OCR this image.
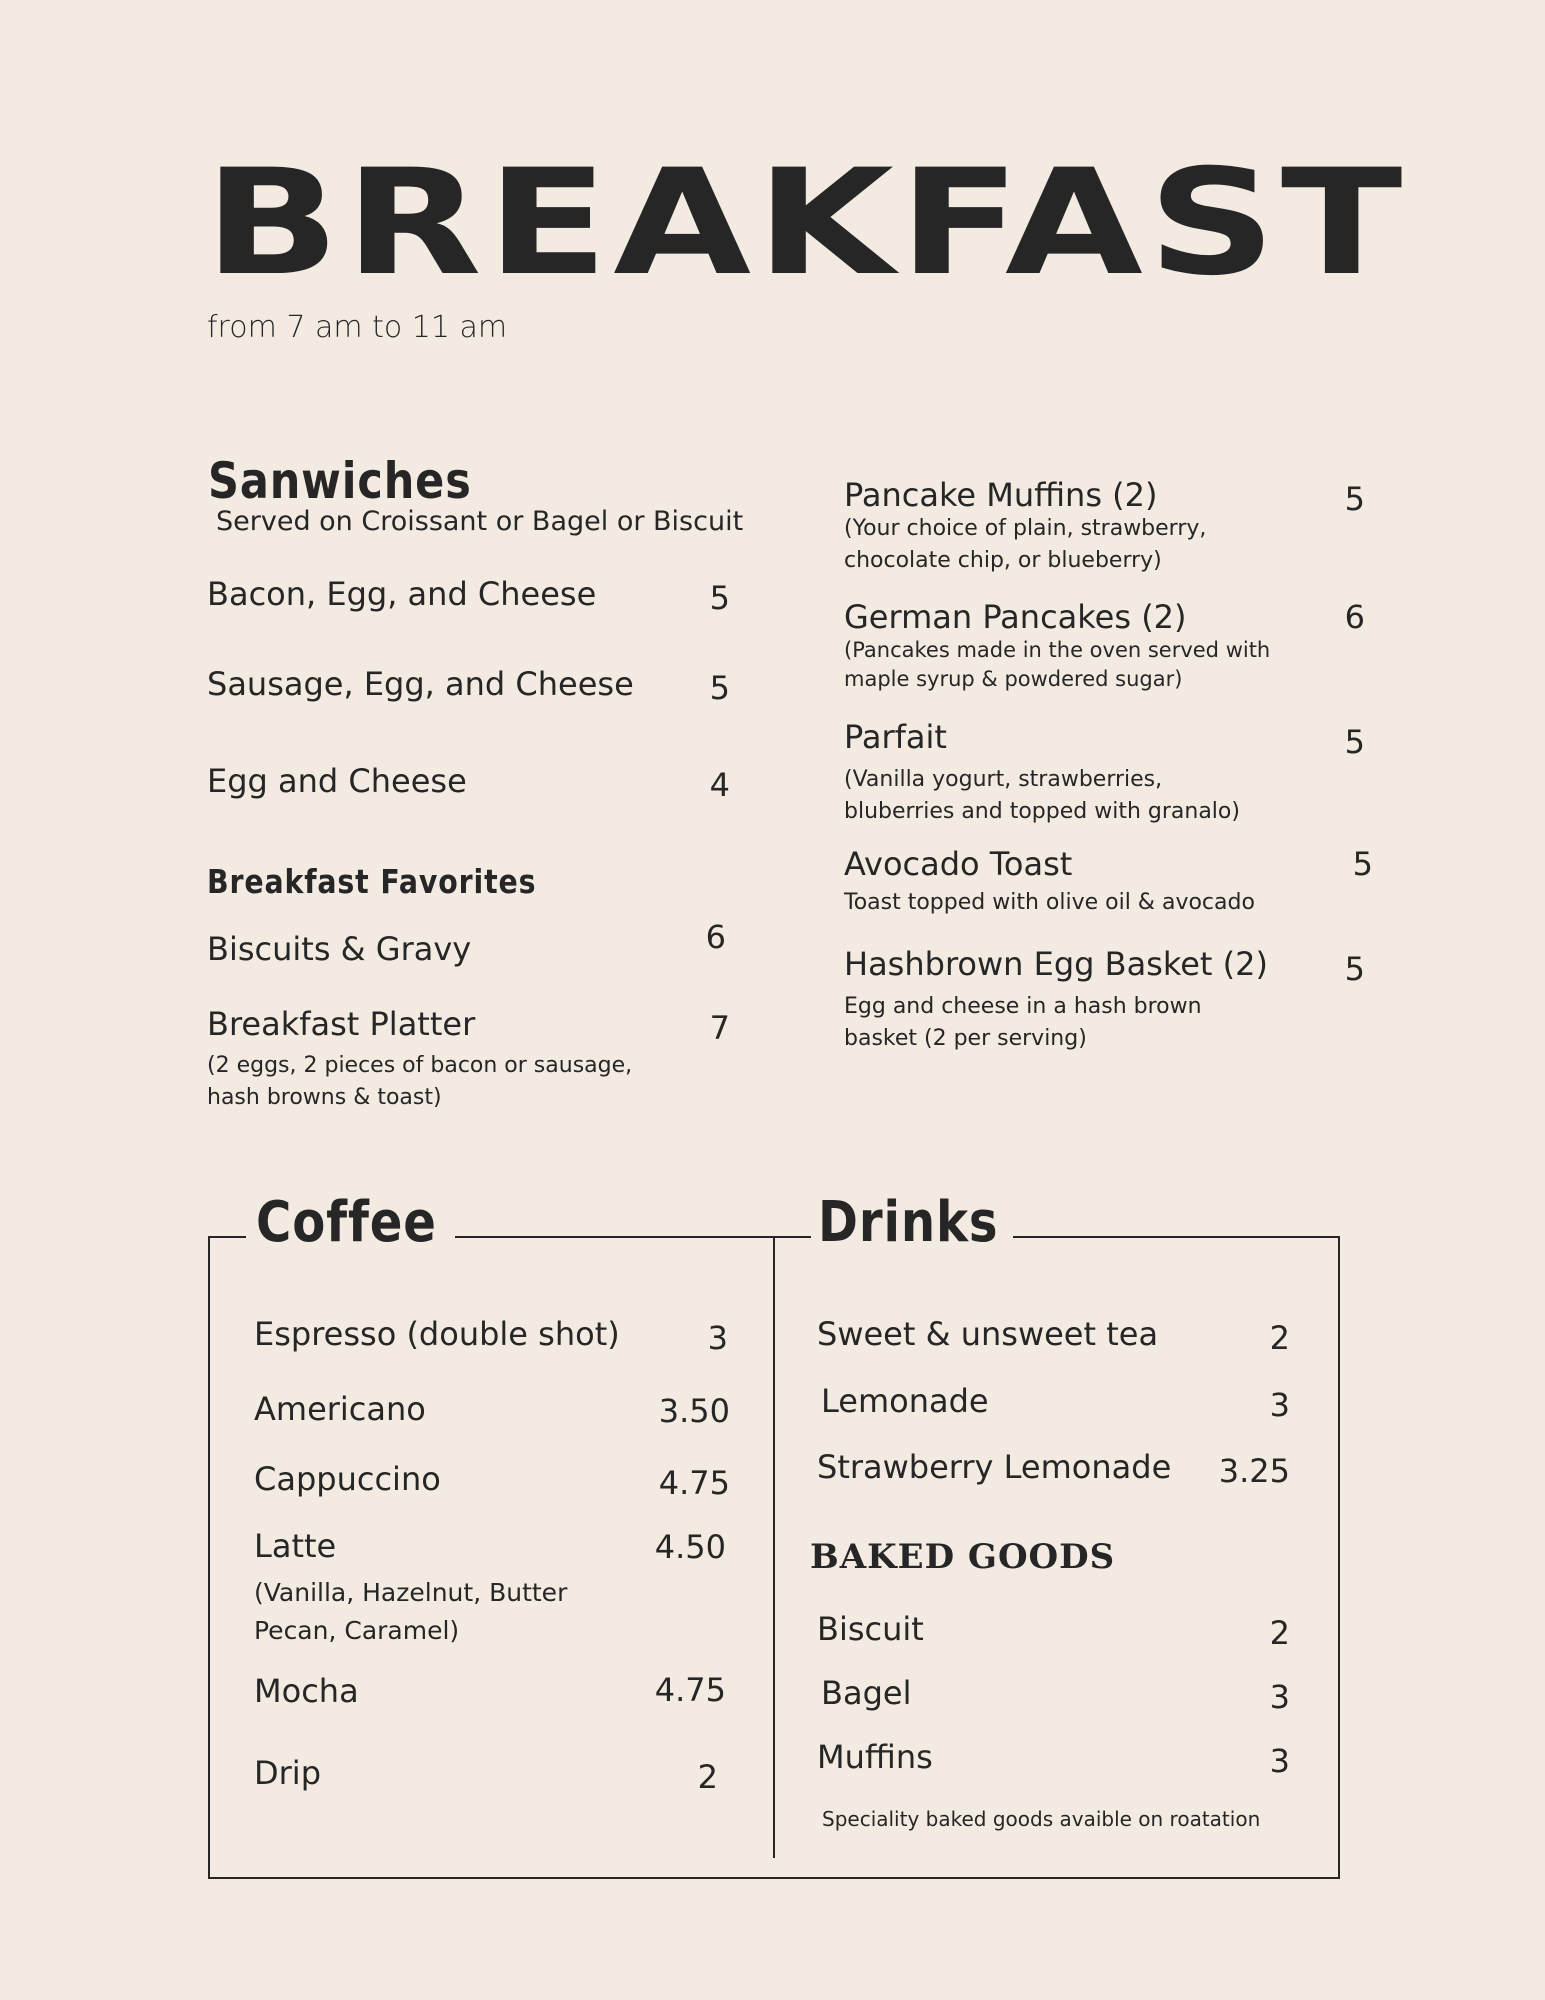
BREAKFAST
from 7 am to 11 am
Sanwiches
Served on Croissant or Bagel or Biscuit
Bacon, Egg, and Cheese	5
Sausage, Egg, and Cheese	5
Egg and Cheese	4
Breakfast Favorites
Biscuits & Gravy	6
Breakfast Platter	7
(2 eggs, 2 pieces of bacon or sausage, hash browns & toast)
Pancake Muffins (2)	5
(Your choice of plain, strawberry, chocolate chip, or blueberry)
German Pancakes (2)	6
(Pancakes made in the oven served with maple syrup & powdered sugar)
Parfait	5
(Vanilla yogurt, strawberries, bluberries and topped with granalo)
Avocado Toast	5
Toast topped with olive oil & avocado
Hashbrown Egg Basket (2)	5
Egg and cheese in a hash brown basket (2 per serving)
Coffee
Espresso (double shot)	3
Americano	3.50
Cappuccino	4.75
Latte	4.50
(Vanilla, Hazelnut, Butter Pecan, Caramel)
Mocha	4.75
Drip	2
Drinks
Sweet & unsweet tea	2
Lemonade	3
Strawberry Lemonade 3.25
BAKED GOODS
Biscuit	2
Bagel	3
Muffins	3
Speciality baked goods avaible on roatation
